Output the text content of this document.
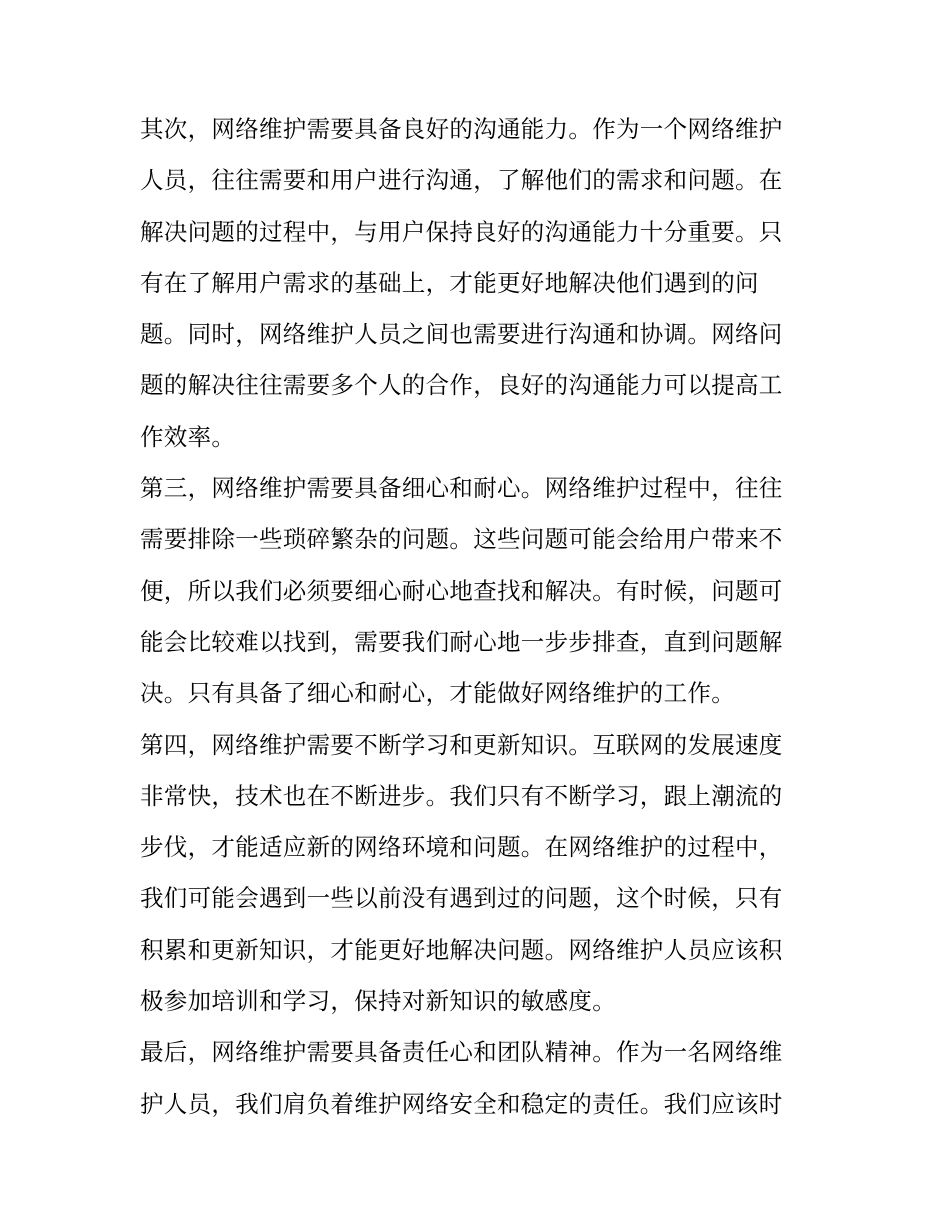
其次，网络维护需要具备良好的沟通能力。作为一个网络维护
人员，往往需要和用户进行沟通，了解他们的需求和问题。在
解决问题的过程中，与用户保持良好的沟通能力十分重要。只
有在了解用户需求的基础上，才能更好地解决他们遇到的问
题。同时，网络维护人员之间也需要进行沟通和协调。网络问
题的解决往往需要多个人的合作，良好的沟通能力可以提高工
作效率。
第三，网络维护需要具备细心和耐心。网络维护过程中，往往
需要排除一些琐碎繁杂的问题。这些问题可能会给用户带来不
便，所以我们必须要细心耐心地查找和解决。有时候，问题可
能会比较难以找到，需要我们耐心地一步步排查，直到问题解
决。只有具备了细心和耐心，才能做好网络维护的工作。
第四，网络维护需要不断学习和更新知识。互联网的发展速度
非常快，技术也在不断进步。我们只有不断学习，跟上潮流的
步伐，才能适应新的网络环境和问题。在网络维护的过程中，
我们可能会遇到一些以前没有遇到过的问题，这个时候，只有
积累和更新知识，才能更好地解决问题。网络维护人员应该积
极参加培训和学习，保持对新知识的敏感度。
最后，网络维护需要具备责任心和团队精神。作为一名网络维
护人员，我们肩负着维护网络安全和稳定的责任。我们应该时
